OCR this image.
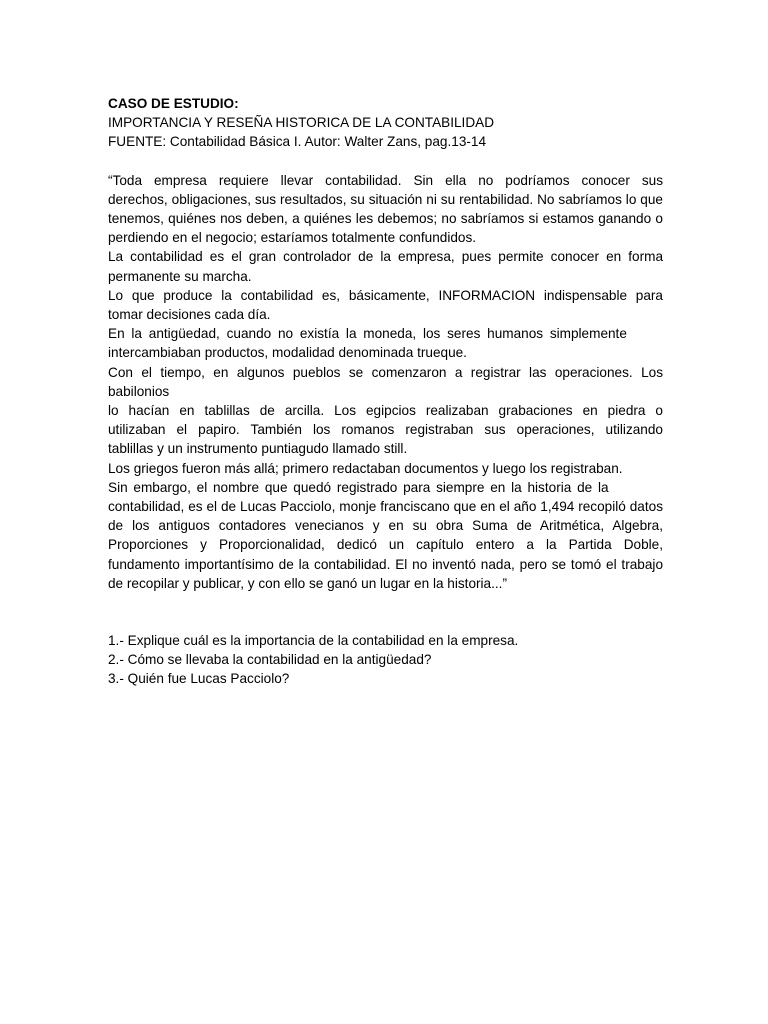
CASO DE ESTUDIO:

IMPORTANCIA Y RESEÑA HISTORICA DE LA CONTABILIDAD

FUENTE: Contabilidad Básica I. Autor: Walter Zans, pag.13-14

“Toda empresa requiere llevar contabilidad. Sin ella no podríamos conocer sus

derechos, obligaciones, sus resultados, su situación ni su rentabilidad. No sabríamos lo que

tenemos, quiénes nos deben, a quiénes les debemos; no sabríamos si estamos ganando o

perdiendo en el negocio; estaríamos totalmente confundidos.

La contabilidad es el gran controlador de la empresa, pues permite conocer en forma

permanente su marcha.

Lo que produce la contabilidad es, básicamente, INFORMACION indispensable para

tomar decisiones cada día.

En la antigüedad, cuando no existía la moneda, los seres humanos simplemente

intercambiaban productos, modalidad denominada trueque.

Con el tiempo, en algunos pueblos se comenzaron a registrar las operaciones. Los babilonios

lo hacían en tablillas de arcilla. Los egipcios realizaban grabaciones en piedra o

utilizaban el papiro. También los romanos registraban sus operaciones, utilizando

tablillas y un instrumento puntiagudo llamado still.

Los griegos fueron más allá; primero redactaban documentos y luego los registraban.

Sin embargo, el nombre que quedó registrado para siempre en la historia de la

contabilidad, es el de Lucas Pacciolo, monje franciscano que en el año 1,494 recopiló datos

de los antiguos contadores venecianos y en su obra Suma de Aritmética, Algebra,

Proporciones y Proporcionalidad, dedicó un capítulo entero a la Partida Doble,

fundamento importantísimo de la contabilidad. El no inventó nada, pero se tomó el trabajo

de recopilar y publicar, y con ello se ganó un lugar en la historia...”

1.- Explique cuál es la importancia de la contabilidad en la empresa.

2.- Cómo se llevaba la contabilidad en la antigüedad?

3.- Quién fue Lucas Pacciolo?
